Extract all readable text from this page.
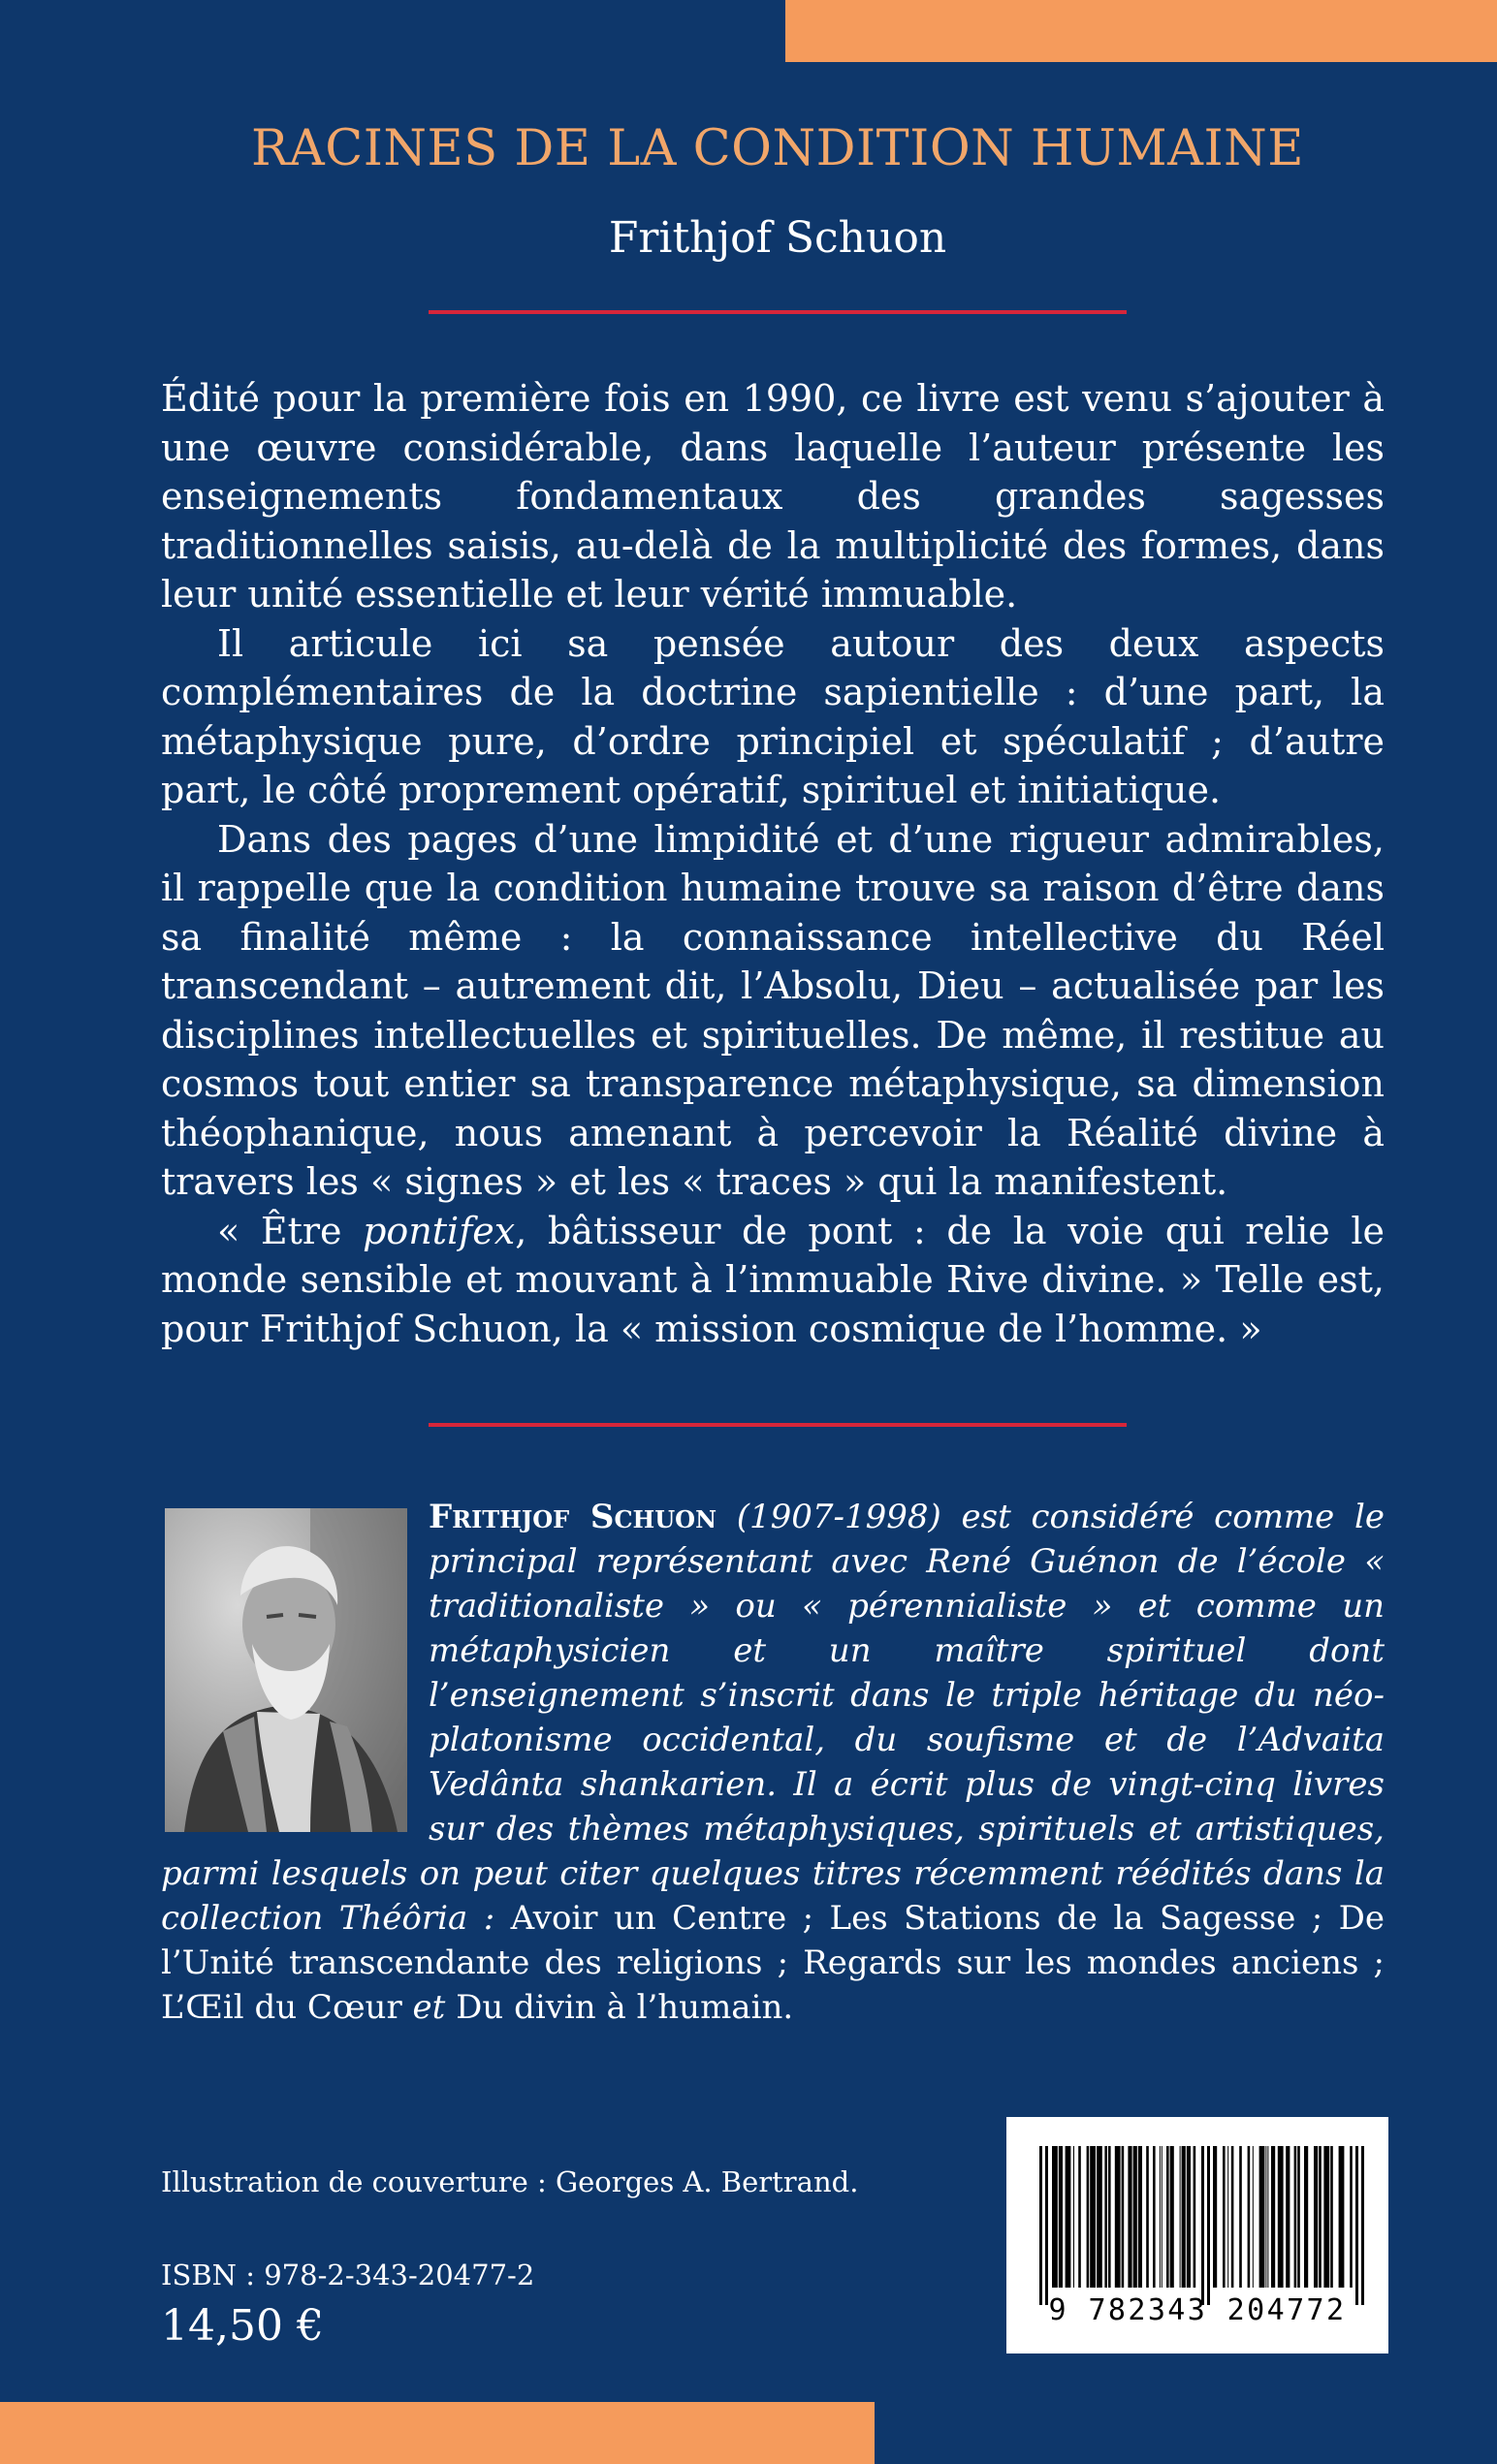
RACINES DE LA CONDITION HUMAINE
Frithjof Schuon

Édité pour la première fois en 1990, ce livre est venu s’ajouter à une œuvre considérable, dans laquelle l’auteur présente les enseignements fondamentaux des grandes sagesses traditionnelles saisis, au-delà de la multiplicité des formes, dans leur unité essentielle et leur vérité immuable.

Il articule ici sa pensée autour des deux aspects complémentaires de la doctrine sapientielle : d’une part, la métaphysique pure, d’ordre principiel et spéculatif ; d’autre part, le côté proprement opératif, spirituel et initiatique.

Dans des pages d’une limpidité et d’une rigueur admirables, il rappelle que la condition humaine trouve sa raison d’être dans sa finalité même : la connaissance intellective du Réel transcendant – autrement dit, l’Absolu, Dieu – actualisée par les disciplines intellectuelles et spirituelles. De même, il restitue au cosmos tout entier sa transparence métaphysique, sa dimension théophanique, nous amenant à percevoir la Réalité divine à travers les « signes » et les « traces » qui la manifestent.

« Être pontifex, bâtisseur de pont : de la voie qui relie le monde sensible et mouvant à l’immuable Rive divine. » Telle est, pour Frithjof Schuon, la « mission cosmique de l’homme. »

Frithjof Schuon (1907-1998) est considéré comme le principal représentant avec René Guénon de l’école « traditionaliste » ou « pérennialiste » et comme un métaphysicien et un maître spirituel dont l’enseignement s’inscrit dans le triple héritage du néo-platonisme occidental, du soufisme et de l’Advaita Vedânta shankarien. Il a écrit plus de vingt-cinq livres sur des thèmes métaphysiques, spirituels et artistiques, parmi lesquels on peut citer quelques titres récemment réédités dans la collection Théôria : Avoir un Centre ; Les Stations de la Sagesse ; De l’Unité transcendante des religions ; Regards sur les mondes anciens ; L’Œil du Cœur et Du divin à l’humain.

Illustration de couverture : Georges A. Bertrand.
ISBN : 978-2-343-20477-2
14,50 €	9 782343 204772
